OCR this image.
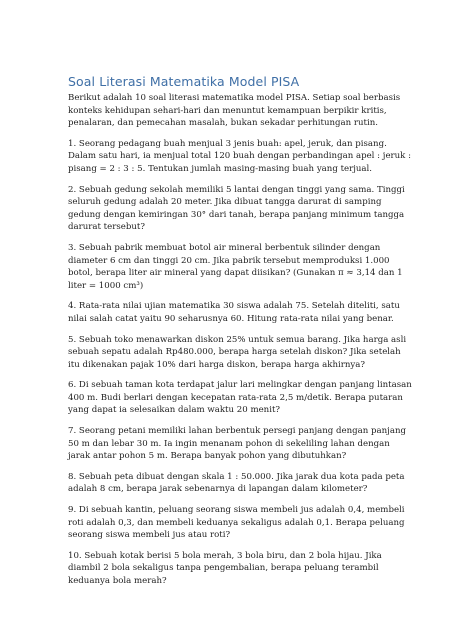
Soal Literasi Matematika Model PISA

Berikut adalah 10 soal literasi matematika model PISA. Setiap soal berbasis konteks kehidupan sehari-hari dan menuntut kemampuan berpikir kritis, penalaran, dan pemecahan masalah, bukan sekadar perhitungan rutin.

1. Seorang pedagang buah menjual 3 jenis buah: apel, jeruk, dan pisang. Dalam satu hari, ia menjual total 120 buah dengan perbandingan apel : jeruk : pisang = 2 : 3 : 5. Tentukan jumlah masing-masing buah yang terjual.

2. Sebuah gedung sekolah memiliki 5 lantai dengan tinggi yang sama. Tinggi seluruh gedung adalah 20 meter. Jika dibuat tangga darurat di samping gedung dengan kemiringan 30° dari tanah, berapa panjang minimum tangga darurat tersebut?

3. Sebuah pabrik membuat botol air mineral berbentuk silinder dengan diameter 6 cm dan tinggi 20 cm. Jika pabrik tersebut memproduksi 1.000 botol, berapa liter air mineral yang dapat diisikan? (Gunakan π ≈ 3,14 dan 1 liter = 1000 cm³)

4. Rata-rata nilai ujian matematika 30 siswa adalah 75. Setelah diteliti, satu nilai salah catat yaitu 90 seharusnya 60. Hitung rata-rata nilai yang benar.

5. Sebuah toko menawarkan diskon 25% untuk semua barang. Jika harga asli sebuah sepatu adalah Rp480.000, berapa harga setelah diskon? Jika setelah itu dikenakan pajak 10% dari harga diskon, berapa harga akhirnya?

6. Di sebuah taman kota terdapat jalur lari melingkar dengan panjang lintasan 400 m. Budi berlari dengan kecepatan rata-rata 2,5 m/detik. Berapa putaran yang dapat ia selesaikan dalam waktu 20 menit?

7. Seorang petani memiliki lahan berbentuk persegi panjang dengan panjang 50 m dan lebar 30 m. Ia ingin menanam pohon di sekeliling lahan dengan jarak antar pohon 5 m. Berapa banyak pohon yang dibutuhkan?

8. Sebuah peta dibuat dengan skala 1 : 50.000. Jika jarak dua kota pada peta adalah 8 cm, berapa jarak sebenarnya di lapangan dalam kilometer?

9. Di sebuah kantin, peluang seorang siswa membeli jus adalah 0,4, membeli roti adalah 0,3, dan membeli keduanya sekaligus adalah 0,1. Berapa peluang seorang siswa membeli jus atau roti?

10. Sebuah kotak berisi 5 bola merah, 3 bola biru, dan 2 bola hijau. Jika diambil 2 bola sekaligus tanpa pengembalian, berapa peluang terambil keduanya bola merah?
